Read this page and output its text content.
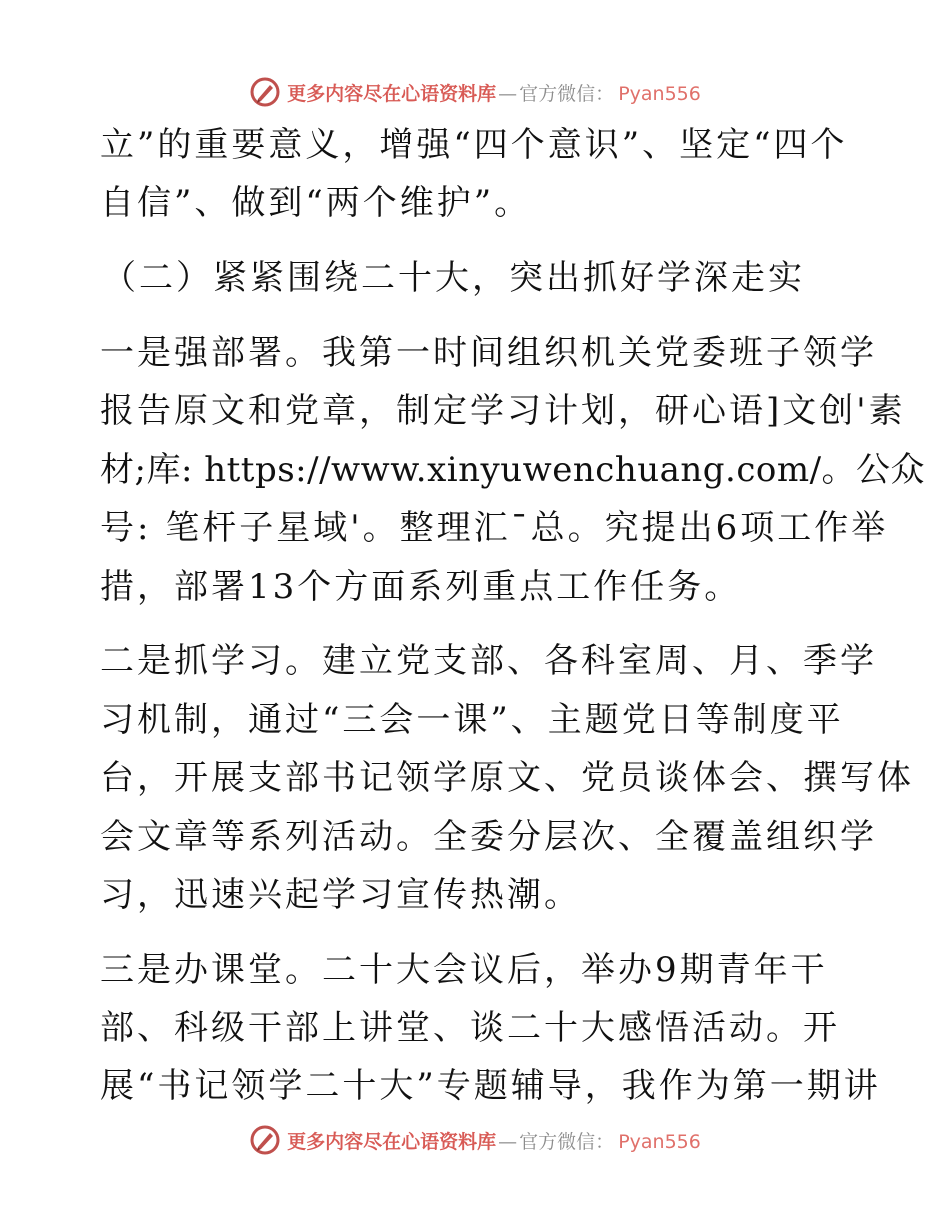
更多内容尽在心语资料库 — 官方微信： Pyan556
立”的重要意义，增强“四个意识”、坚定“四个
自信”、做到“两个维护”。
（二）紧紧围绕二十大，突出抓好学深走实
一是强部署。我第一时间组织机关党委班子领学
报告原文和党章，制定学习计划，研心语]文创'素
材;库: https://www.xinyuwenchuang.com/。公众
号: 笔杆子星域'。整理汇¯总。究提出6项工作举
措，部署13个方面系列重点工作任务。
二是抓学习。建立党支部、各科室周、月、季学
习机制，通过“三会一课”、主题党日等制度平
台，开展支部书记领学原文、党员谈体会、撰写体
会文章等系列活动。全委分层次、全覆盖组织学
习，迅速兴起学习宣传热潮。
三是办课堂。二十大会议后，举办9期青年干
部、科级干部上讲堂、谈二十大感悟活动。开
展“书记领学二十大”专题辅导，我作为第一期讲
更多内容尽在心语资料库 — 官方微信： Pyan556
